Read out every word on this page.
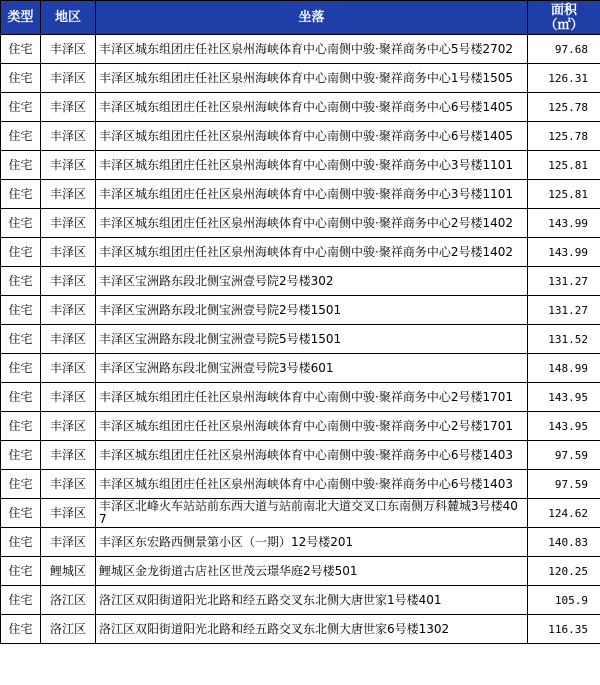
类型	地区	坐落	面积
（㎡）

住宅	丰泽区	丰泽区城东组团庄任社区泉州海峡体育中心南侧中骏·聚祥商务中心5号楼2702	97.68
住宅	丰泽区	丰泽区城东组团庄任社区泉州海峡体育中心南侧中骏·聚祥商务中心1号楼1505	126.31
住宅	丰泽区	丰泽区城东组团庄任社区泉州海峡体育中心南侧中骏·聚祥商务中心6号楼1405	125.78
住宅	丰泽区	丰泽区城东组团庄任社区泉州海峡体育中心南侧中骏·聚祥商务中心6号楼1405	125.78
住宅	丰泽区	丰泽区城东组团庄任社区泉州海峡体育中心南侧中骏·聚祥商务中心3号楼1101	125.81
住宅	丰泽区	丰泽区城东组团庄任社区泉州海峡体育中心南侧中骏·聚祥商务中心3号楼1101	125.81
住宅	丰泽区	丰泽区城东组团庄任社区泉州海峡体育中心南侧中骏·聚祥商务中心2号楼1402	143.99
住宅	丰泽区	丰泽区城东组团庄任社区泉州海峡体育中心南侧中骏·聚祥商务中心2号楼1402	143.99
住宅	丰泽区	丰泽区宝洲路东段北侧宝洲壹号院2号楼302	131.27
住宅	丰泽区	丰泽区宝洲路东段北侧宝洲壹号院2号楼1501	131.27
住宅	丰泽区	丰泽区宝洲路东段北侧宝洲壹号院5号楼1501	131.52
住宅	丰泽区	丰泽区宝洲路东段北侧宝洲壹号院3号楼601	148.99
住宅	丰泽区	丰泽区城东组团庄任社区泉州海峡体育中心南侧中骏·聚祥商务中心2号楼1701	143.95
住宅	丰泽区	丰泽区城东组团庄任社区泉州海峡体育中心南侧中骏·聚祥商务中心2号楼1701	143.95
住宅	丰泽区	丰泽区城东组团庄任社区泉州海峡体育中心南侧中骏·聚祥商务中心6号楼1403	97.59
住宅	丰泽区	丰泽区城东组团庄任社区泉州海峡体育中心南侧中骏·聚祥商务中心6号楼1403	97.59
住宅	丰泽区	丰泽区北峰火车站站前东西大道与站前南北大道交叉口东南侧万科麓城3号楼407	124.62
住宅	丰泽区	丰泽区东宏路西侧景第小区（一期）12号楼201	140.83
住宅	鲤城区	鲤城区金龙街道古店社区世茂云璟华庭2号楼501	120.25
住宅	洛江区	洛江区双阳街道阳光北路和经五路交叉东北侧大唐世家1号楼401	105.9
住宅	洛江区	洛江区双阳街道阳光北路和经五路交叉东北侧大唐世家6号楼1302	116.35
